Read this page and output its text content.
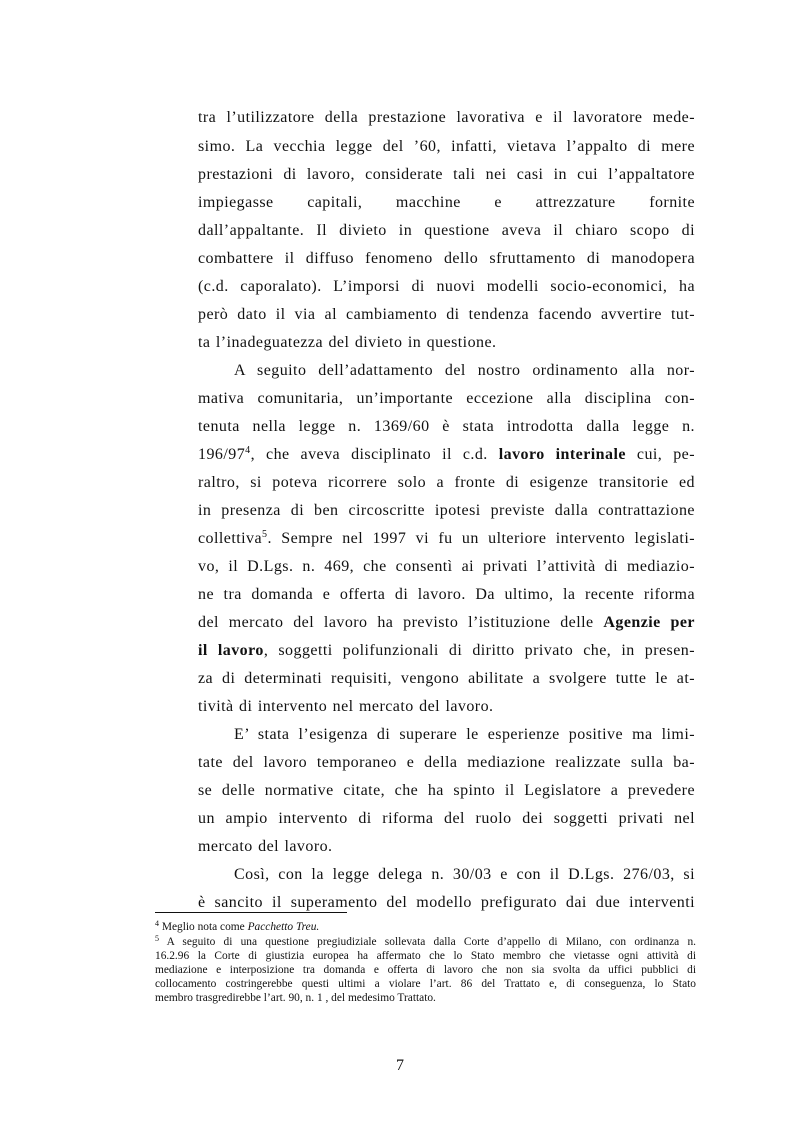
tra l’utilizzatore della prestazione lavorativa e il lavoratore mede-
simo. La vecchia legge del ’60, infatti, vietava l’appalto di mere
prestazioni di lavoro, considerate tali nei casi in cui l’appaltatore
impiegasse capitali, macchine e attrezzature fornite
dall’appaltante. Il divieto in questione aveva il chiaro scopo di
combattere il diffuso fenomeno dello sfruttamento di manodopera
(c.d. caporalato). L’imporsi di nuovi modelli socio-economici, ha
però dato il via al cambiamento di tendenza facendo avvertire tut-
ta l’inadeguatezza del divieto in questione.
A seguito dell’adattamento del nostro ordinamento alla nor-
mativa comunitaria, un’importante eccezione alla disciplina con-
tenuta nella legge n. 1369/60 è stata introdotta dalla legge n.
$196/97^4$, che aveva disciplinato il c.d. lavoro interinale cui, pe-
raltro, si poteva ricorrere solo a fronte di esigenze transitorie ed
in presenza di ben circoscritte ipotesi previste dalla contrattazione
collettiva$^5$. Sempre nel 1997 vi fu un ulteriore intervento legislati-
vo, il D.Lgs. n. 469, che consentì ai privati l’attività di mediazio-
ne tra domanda e offerta di lavoro. Da ultimo, la recente riforma
del mercato del lavoro ha previsto l’istituzione delle Agenzie per
il lavoro, soggetti polifunzionali di diritto privato che, in presen-
za di determinati requisiti, vengono abilitate a svolgere tutte le at-
tività di intervento nel mercato del lavoro.
E’ stata l’esigenza di superare le esperienze positive ma limi-
tate del lavoro temporaneo e della mediazione realizzate sulla ba-
se delle normative citate, che ha spinto il Legislatore a prevedere
un ampio intervento di riforma del ruolo dei soggetti privati nel
mercato del lavoro.
Così, con la legge delega n. 30/03 e con il D.Lgs. 276/03, si
è sancito il superamento del modello prefigurato dai due interventi
$^4$ Meglio nota come Pacchetto Treu.
$^5$ A seguito di una questione pregiudiziale sollevata dalla Corte d’appello di Milano, con ordinanza n.
16.2.96 la Corte di giustizia europea ha affermato che lo Stato membro che vietasse ogni attività di
mediazione e interposizione tra domanda e offerta di lavoro che non sia svolta da uffici pubblici di
collocamento costringerebbe questi ultimi a violare l’art. 86 del Trattato e, di conseguenza, lo Stato
membro trasgredirebbe l’art. 90, n. 1 , del medesimo Trattato.
7
